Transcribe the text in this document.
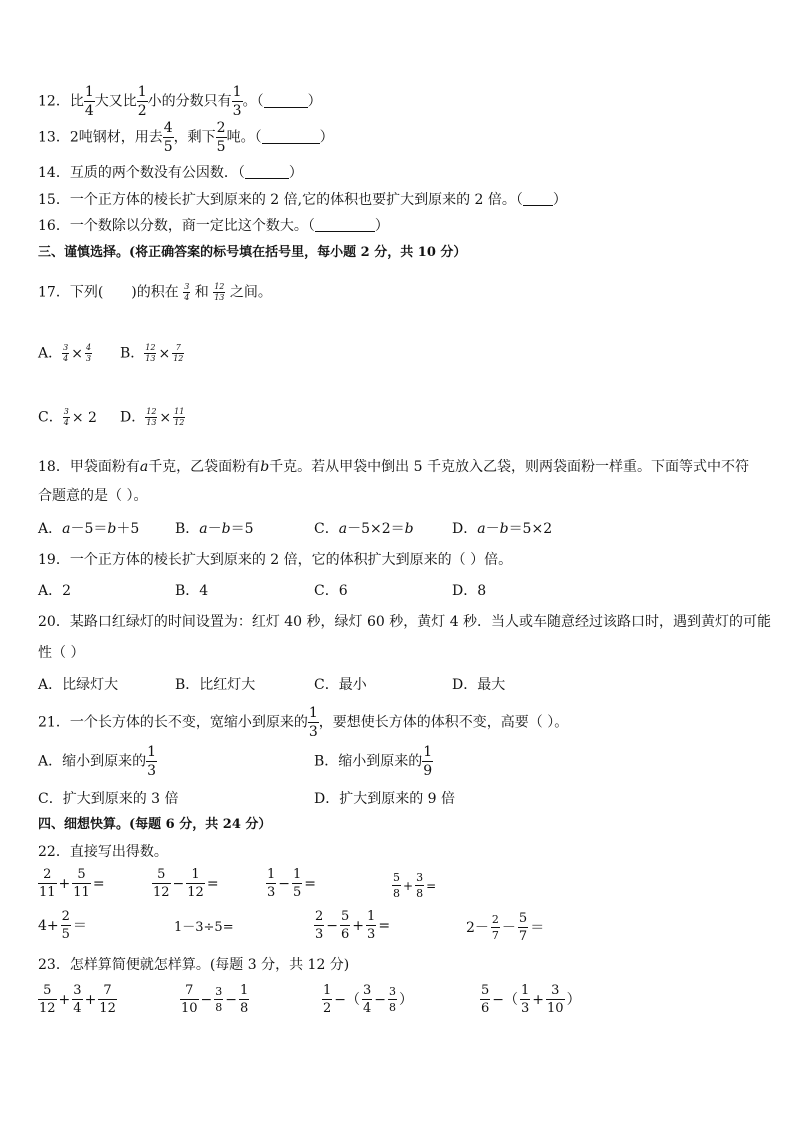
12．比 $\frac{1}{4}$ 大又比 $\frac{1}{2}$ 小的分数只有 $\frac{1}{3}$ 。（	）
13．2吨钢材，用去 $\frac{4}{5}$ ，剩下 $\frac{2}{5}$ 吨。（	）
14．互质的两个数没有公因数．（	）
15．一个正方体的棱长扩大到原来的 2 倍,它的体积也要扩大到原来的 2 倍。（ ）
16．一个数除以分数，商一定比这个数大。（	）
三、谨慎选择。(将正确答案的标号填在括号里，每小题 2 分，共 10 分）
17．下列( )的积在 $\frac{3}{4}$ 和 $\frac{12}{13}$ 之间。
A． $\frac{3}{4} \times \frac{4}{3}$ B． $\frac{12}{13} \times \frac{7}{12}$
C． $\frac{3}{4} \times 2$ D． $\frac{12}{13} \times \frac{11}{12}$
18．甲袋面粉有a千克，乙袋面粉有b千克。若从甲袋中倒出 5 千克放入乙袋，则两袋面粉一样重。下面等式中不符
合题意的是（ ）。
A．a－5＝b＋5	B．a－b＝5	C．a－5×2＝b	D．a－b＝5×2
19．一个正方体的棱长扩大到原来的 2 倍，它的体积扩大到原来的（ ）倍。
A．2	B．4	C．6	D．8
20．某路口红绿灯的时间设置为：红灯 40 秒，绿灯 60 秒，黄灯 4 秒．当人或车随意经过该路口时，遇到黄灯的可能
性（ ）
A．比绿灯大	B．比红灯大	C．最小	D．最大
21．一个长方体的长不变，宽缩小到原来的 $\frac{1}{3}$ ，要想使长方体的体积不变，高要（ ）。
A．缩小到原来的 $\frac{1}{3}$	B．缩小到原来的 $\frac{1}{9}$
C．扩大到原来的 3 倍	D．扩大到原来的 9 倍
四、细想快算。(每题 6 分，共 24 分）
22．直接写出得数。
$\frac{2}{11} + \frac{5}{11}$ =	$\frac{5}{12} - \frac{1}{12}$ =	$\frac{1}{3} - \frac{1}{5}$ =	$\frac{5}{8} + \frac{3}{8}$ =
$4+ \frac{2}{5}$ ＝	1－3÷5=	$\frac{2}{3} - \frac{5}{6} + \frac{1}{3}$ =	$2- \frac{2}{7} - \frac{5}{7}$ ＝
23．怎样算简便就怎样算。(每题 3 分，共 12 分)
$\frac{5}{12} + \frac{3}{4} + \frac{7}{12}$	$\frac{7}{10} - \frac{3}{8} - \frac{1}{8}$	$\frac{1}{2}$ −（ $\frac{3}{4} - \frac{3}{8}$ ）	$\frac{5}{6}$ −（ $\frac{1}{3} + \frac{3}{10}$ ）
